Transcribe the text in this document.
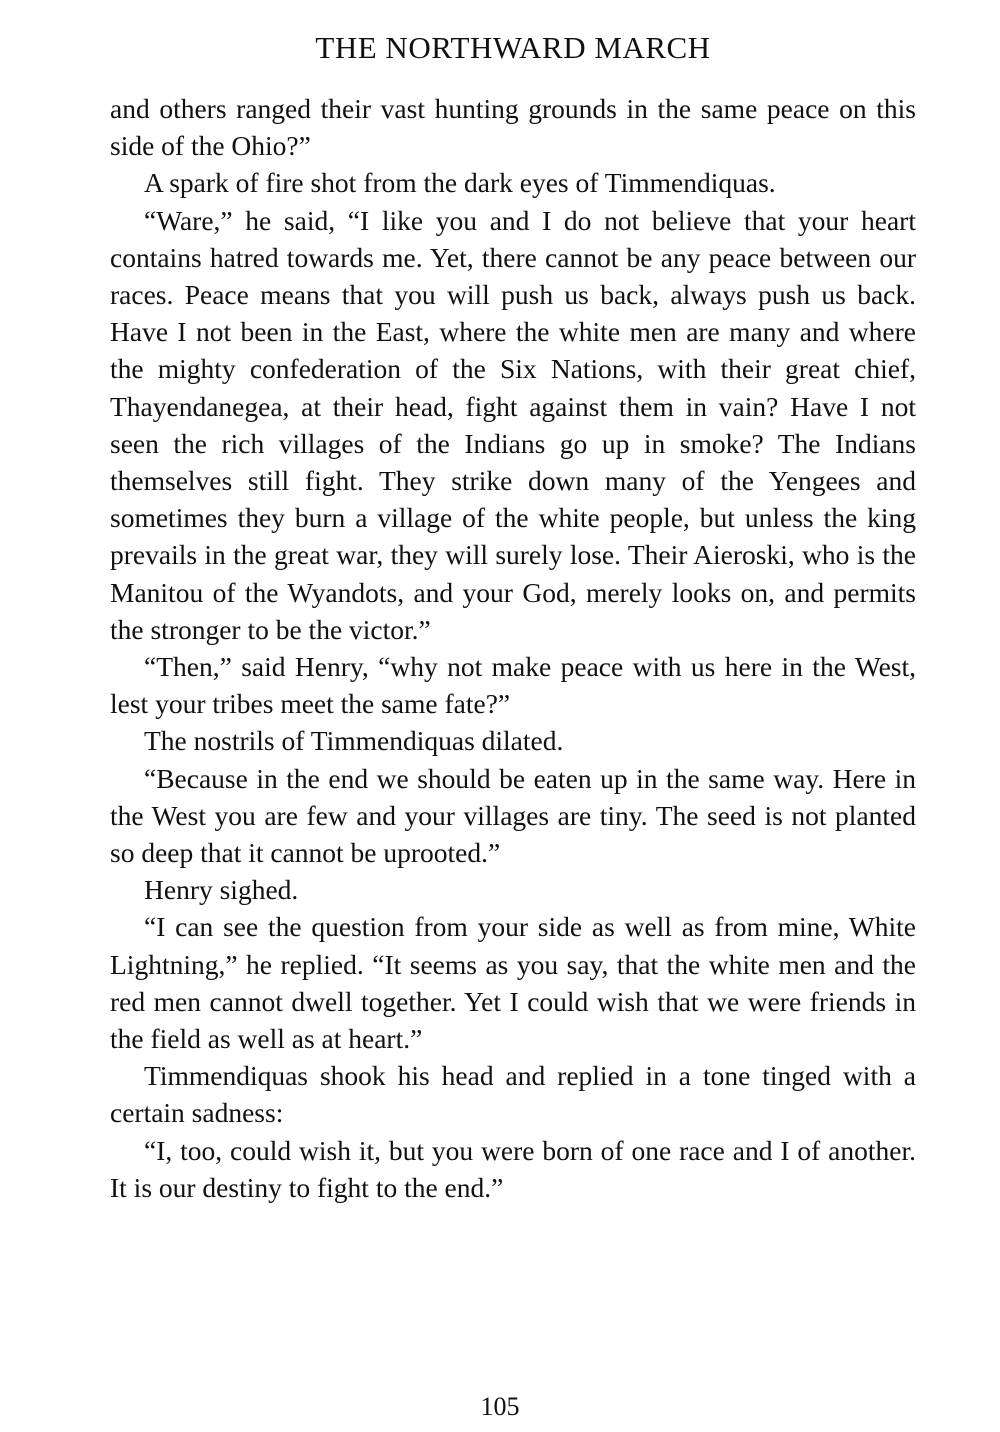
THE NORTHWARD MARCH

and others ranged their vast hunting grounds in the same peace on this side of the Ohio?”

A spark of fire shot from the dark eyes of Timmendiquas.

“Ware,” he said, “I like you and I do not believe that your heart contains hatred towards me. Yet, there cannot be any peace between our races. Peace means that you will push us back, always push us back. Have I not been in the East, where the white men are many and where the mighty confederation of the Six Nations, with their great chief, Thayendanegea, at their head, fight against them in vain? Have I not seen the rich villages of the Indians go up in smoke? The Indians themselves still fight. They strike down many of the Yengees and sometimes they burn a village of the white people, but unless the king prevails in the great war, they will surely lose. Their Aieroski, who is the Manitou of the Wyandots, and your God, merely looks on, and permits the stronger to be the victor.”

“Then,” said Henry, “why not make peace with us here in the West, lest your tribes meet the same fate?”

The nostrils of Timmendiquas dilated.

“Because in the end we should be eaten up in the same way. Here in the West you are few and your villages are tiny. The seed is not planted so deep that it cannot be uprooted.”

Henry sighed.

“I can see the question from your side as well as from mine, White Lightning,” he replied. “It seems as you say, that the white men and the red men cannot dwell together. Yet I could wish that we were friends in the field as well as at heart.”

Timmendiquas shook his head and replied in a tone tinged with a certain sadness:

“I, too, could wish it, but you were born of one race and I of another. It is our destiny to fight to the end.”

105
